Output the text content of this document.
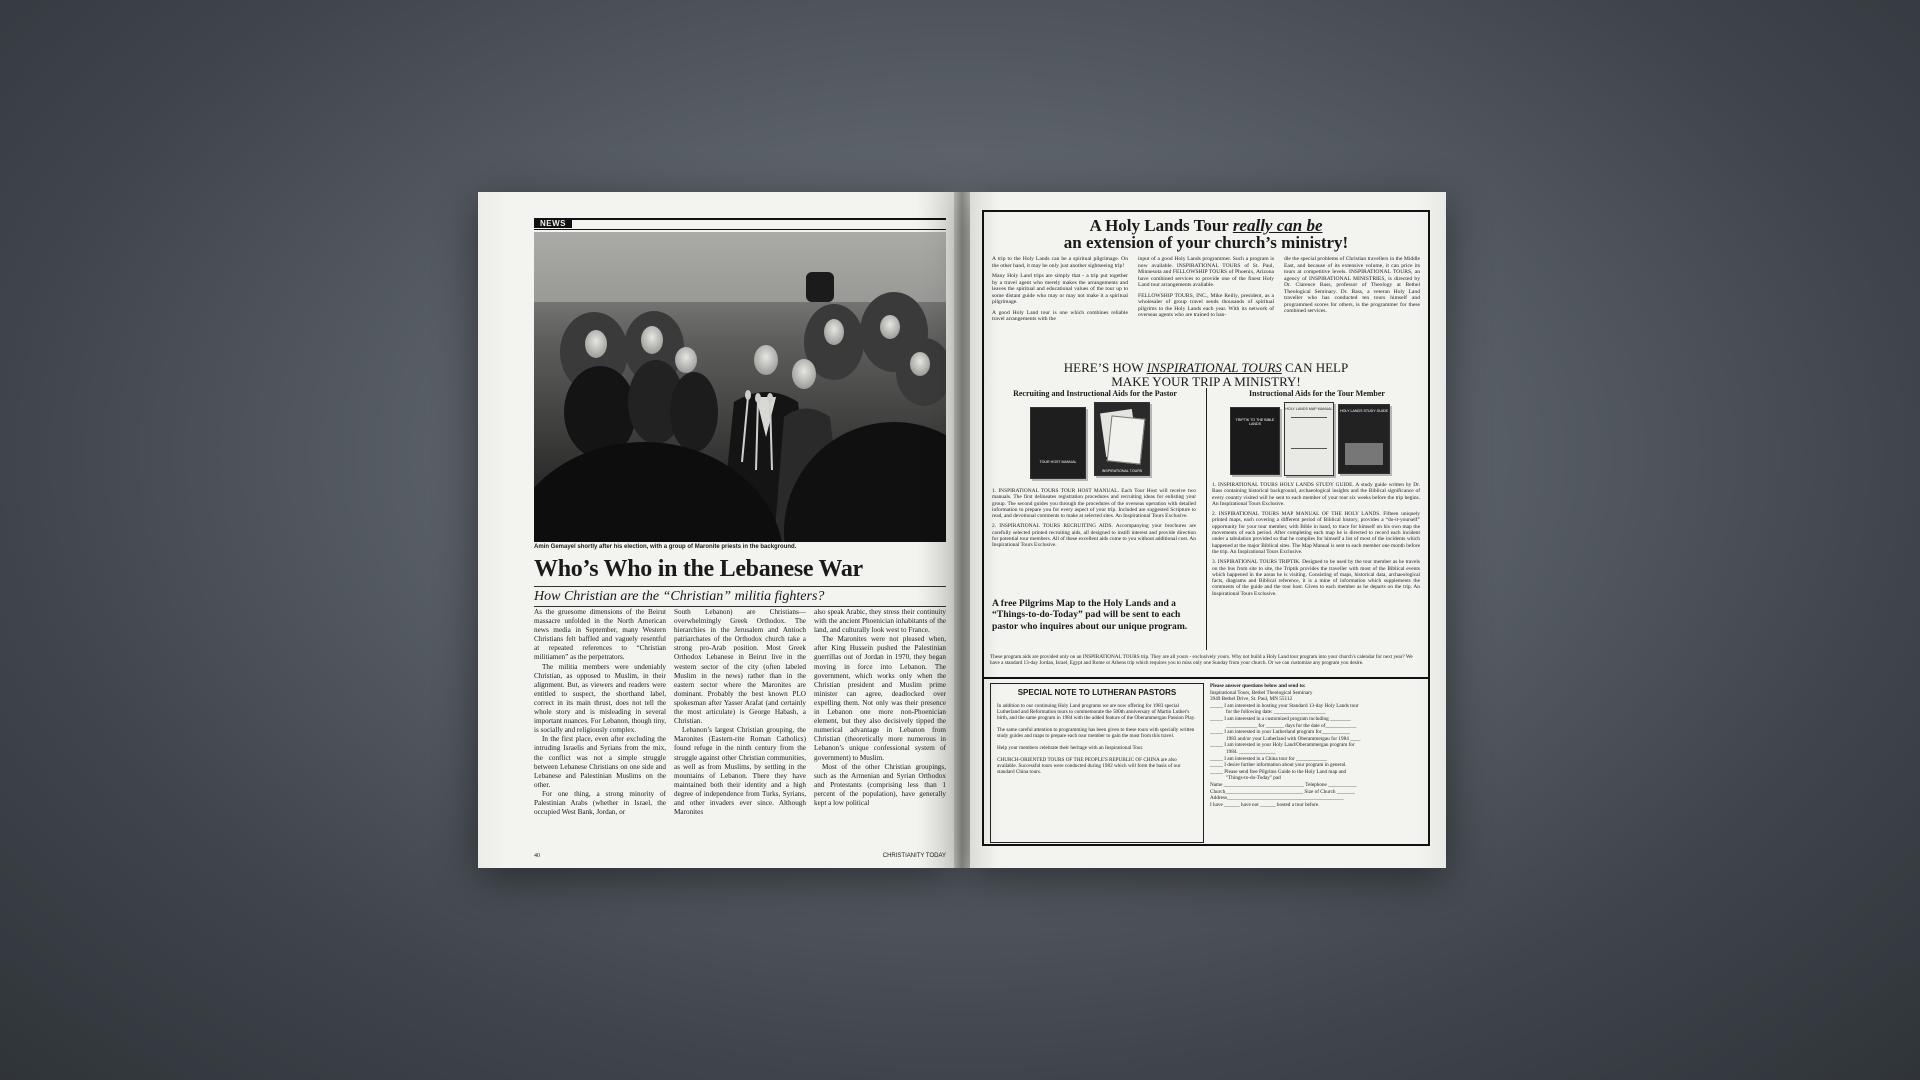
NEWS
Amin Gemayel shortly after his election, with a group of Maronite priests in the background.
Who’s Who in the Lebanese War
How Christian are the “Christian” militia fighters?

As the gruesome dimensions of the Beirut massacre unfolded in the North American news media in September, many Western Christians felt baffled and vaguely resentful at repeated references to “Christian militiamen” as the perpetrators.

The militia members were undeniably Christian, as opposed to Muslim, in their alignment. But, as viewers and readers were entitled to suspect, the shorthand label, correct in its main thrust, does not tell the whole story and is misleading in several important nuances. For Lebanon, though tiny, is socially and religiously complex.

In the first place, even after excluding the intruding Israelis and Syrians from the mix, the conflict was not a simple struggle between Lebanese Christians on one side and Lebanese and Palestinian Muslims on the other.

For one thing, a strong minority of Palestinian Arabs (whether in Israel, the occupied West Bank, Jordan, or

South Lebanon) are Christians—overwhelmingly Greek Orthodox. The hierarchies in the Jerusalem and Antioch patriarchates of the Orthodox church take a strong pro-Arab position. Most Greek Orthodox Lebanese in Beirut live in the western sector of the city (often labeled Muslim in the news) rather than in the eastern sector where the Maronites are dominant. Probably the best known PLO spokesman after Yasser Arafat (and certainly the most articulate) is George Habash, a Christian.

Lebanon’s largest Christian grouping, the Maronites (Eastern-rite Roman Catholics) found refuge in the ninth century from the struggle against other Christian communities, as well as from Muslims, by settling in the mountains of Lebanon. There they have maintained both their identity and a high degree of independence from Turks, Syrians, and other invaders ever since. Although Maronites

also speak Arabic, they stress their continuity with the ancient Phoenician inhabitants of the land, and culturally look west to France.

The Maronites were not pleased when, after King Hussein pushed the Palestinian guerrillas out of Jordan in 1970, they began moving in force into Lebanon. The government, which works only when the Christian president and Muslim prime minister can agree, deadlocked over expelling them. Not only was their presence in Lebanon one more non-Phoenician element, but they also decisively tipped the numerical advantage in Lebanon from Christian (theoretically more numerous in Lebanon’s unique confessional system of government) to Muslim.

Most of the other Christian groupings, such as the Armenian and Syrian Orthodox and Protestants (comprising less than 1 percent of the population), have generally kept a low political

40	CHRISTIANITY TODAY
A Holy Lands Tour really can be
an extension of your church’s ministry!

A trip to the Holy Lands can be a spiritual pilgrimage. On the other hand, it may be only just another sightseeing trip!

Many Holy Land trips are simply that - a trip put together by a travel agent who merely makes the arrangements and leaves the spiritual and educational values of the tour up to some distant guide who may or may not make it a spiritual pilgrimage.

A good Holy Land tour is one which combines reliable travel arrangements with the

input of a good Holy Lands programmer. Such a program is now available. INSPIRATIONAL TOURS of St. Paul, Minnesota and FELLOWSHIP TOURS of Phoenix, Arizona have combined services to provide one of the finest Holy Land tour arrangements available.

FELLOWSHIP TOURS, INC., Mike Reilly, president, as a wholesaler of group travel sends thousands of spiritual pilgrims to the Holy Lands each year. With its network of overseas agents who are trained to han-

dle the special problems of Christian travellers in the Middle East, and because of its extensive volume, it can price its tours at competitive levels. INSPIRATIONAL TOURS, an agency of INSPIRATIONAL MINISTRIES, is directed by Dr. Clarence Bass, professor of Theology at Bethel Theological Seminary. Dr. Bass, a veteran Holy Land traveller who has conducted ten tours himself and programmed scores for others, is the programmer for these combined services.

HERE’S HOW INSPIRATIONAL TOURS CAN HELP
MAKE YOUR TRIP A MINISTRY!
Recruiting and Instructional Aids for the Pastor	Instructional Aids for the Tour Member
TOUR HOST MANUAL
INSPIRATIONAL TOURS
TRIPTIK TO THE BIBLE LANDS
HOLY LANDS MAP MANUAL HOLY LANDS STUDY GUIDE
1. INSPIRATIONAL TOURS TOUR HOST MANUAL. Each Tour Host will receive two manuals. The first delineates registration procedures and recruiting ideas for enlisting your group. The second guides you through the procedures of the overseas operation with detailed information to prepare you for every aspect of your trip. Included are suggested Scripture to read, and devotional comments to make at selected sites. An Inspirational Tours Exclusive.
2. INSPIRATIONAL TOURS RECRUITING AIDS. Accompanying your brochures are carefully selected printed recruiting aids, all designed to instill interest and provide direction for potential tour members. All of these excellent aids come to you without additional cost. An Inspirational Tours Exclusive.
1. INSPIRATIONAL TOURS HOLY LANDS STUDY GUIDE. A study guide written by Dr. Bass containing historical background, archaeological insights and the Biblical significance of every country visited will be sent to each member of your tour six weeks before the trip begins. An Inspirational Tours Exclusive.
2. INSPIRATIONAL TOURS MAP MANUAL OF THE HOLY LANDS. Fifteen uniquely printed maps, each covering a different period of Biblical history, provides a “do-it-yourself” opportunity for your tour member, with Bible in hand, to trace for himself on his own map the movements of each period. After completing each map he is directed to record each incident under a tabulation provided so that he compiles for himself a list of most of the incidents which happened at the major Biblical sites. The Map Manual is sent to each member one month before the trip. An Inspirational Tours Exclusive.
3. INSPIRATIONAL TOURS TRIPTIK. Designed to be used by the tour member as he travels on the bus from site to site, the Triptik provides the traveller with most of the Biblical events which happened in the areas he is visiting. Consisting of maps, historical data, archaeological facts, diagrams and Biblical reference, it is a mine of information which supplements the comments of the guide and the tour host. Given to each member as he departs on the trip. An Inspirational Tours Exclusive.
A free Pilgrims Map to the Holy Lands and a “Things-to-do-Today” pad will be sent to each pastor who inquires about our unique program.
These program aids are provided only on an INSPIRATIONAL TOURS trip. They are all yours - exclusively yours. Why not build a Holy Land tour program into your church's calendar for next year? We have a standard 13-day Jordan, Israel, Egypt and Rome or Athens trip which requires you to miss only one Sunday from your church. Or we can customize any program you desire.
SPECIAL NOTE TO LUTHERAN PASTORS

In addition to our continuing Holy Land programs we are now offering for 1983 special Lutherland and Reformation tours to commemorate the 500th anniversary of Martin Luther's birth, and the same program in 1984 with the added feature of the Oberammergau Passion Play.

The same careful attention to programming has been given to these tours with specially written study guides and maps to prepare each tour member to gain the most from this travel.

Help your members celebrate their heritage with an Inspirational Tour.

CHURCH-ORIENTED TOURS OF THE PEOPLE'S REPUBLIC OF CHINA are also available. Successful tours were conducted during 1982 which will form the basis of our standard China tours.

Please answer questions below and send to:
Inspirational Tours, Bethel Theological Seminary
3949 Bethel Drive, St. Paul, MN 55112
_____ I am interested in hosting your Standard 13-day Holy Lands tour
for the following date: ____________________
_____ I am interested in a customized program including ________
____________ for _______ days for the date of____________
_____ I am interested in your Lutherland program for___________
1983 and/or your Lutherland with Oberammergau for 1984 ____
_____ I am interested in your Holy Land/Oberammergau program for
1984. ______________
_____ I am interested in a China tour for ____________
_____ I desire further information about your program in general.
_____ Please send free Pilgrims Guide to the Holy Land map and
"Things-to-do-Today" pad
Name _______________________________ Telephone ___________
Church______________________________ Size of Church _______
Address_____________________________________________
I have ______ have not ______ hosted a tour before.
